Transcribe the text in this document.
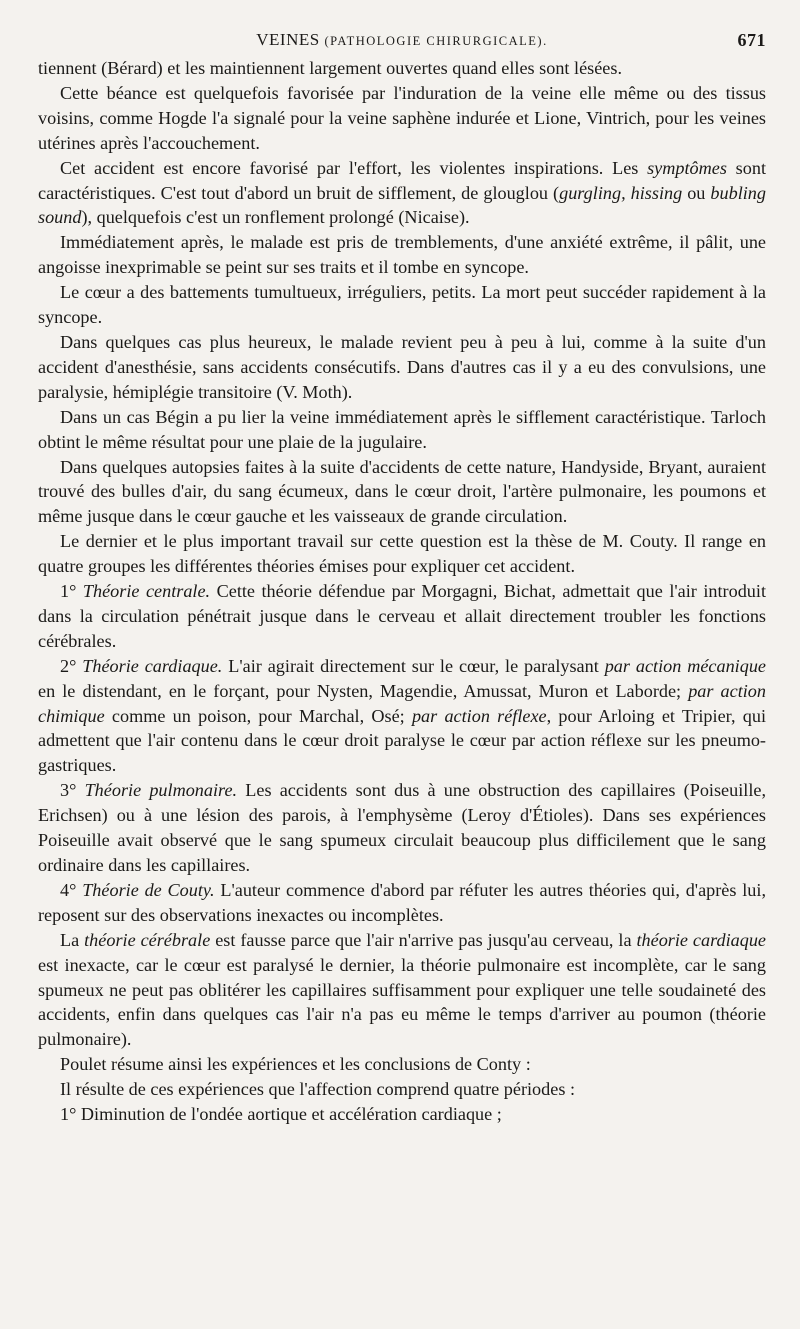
VEINES (PATHOLOGIE CHIRURGICALE).	671

tiennent (Bérard) et les maintiennent largement ouvertes quand elles sont lésées.

Cette béance est quelquefois favorisée par l'induration de la veine elle même ou des tissus voisins, comme Hogde l'a signalé pour la veine saphène indurée et Lione, Vintrich, pour les veines utérines après l'accouchement.

Cet accident est encore favorisé par l'effort, les violentes inspirations. Les symptômes sont caractéristiques. C'est tout d'abord un bruit de sifflement, de glouglou (gurgling, hissing ou bubling sound), quelquefois c'est un ronflement prolongé (Nicaise).

Immédiatement après, le malade est pris de tremblements, d'une anxiété extrême, il pâlit, une angoisse inexprimable se peint sur ses traits et il tombe en syncope.

Le cœur a des battements tumultueux, irréguliers, petits. La mort peut succéder rapidement à la syncope.

Dans quelques cas plus heureux, le malade revient peu à peu à lui, comme à la suite d'un accident d'anesthésie, sans accidents consécutifs. Dans d'autres cas il y a eu des convulsions, une paralysie, hémiplégie transitoire (V. Moth).

Dans un cas Bégin a pu lier la veine immédiatement après le sifflement caractéristique. Tarloch obtint le même résultat pour une plaie de la jugulaire.

Dans quelques autopsies faites à la suite d'accidents de cette nature, Handyside, Bryant, auraient trouvé des bulles d'air, du sang écumeux, dans le cœur droit, l'artère pulmonaire, les poumons et même jusque dans le cœur gauche et les vaisseaux de grande circulation.

Le dernier et le plus important travail sur cette question est la thèse de M. Couty. Il range en quatre groupes les différentes théories émises pour expliquer cet accident.

1° Théorie centrale. Cette théorie défendue par Morgagni, Bichat, admettait que l'air introduit dans la circulation pénétrait jusque dans le cerveau et allait directement troubler les fonctions cérébrales.

2° Théorie cardiaque. L'air agirait directement sur le cœur, le paralysant par action mécanique en le distendant, en le forçant, pour Nysten, Magendie, Amussat, Muron et Laborde; par action chimique comme un poison, pour Marchal, Osé; par action réflexe, pour Arloing et Tripier, qui admettent que l'air contenu dans le cœur droit paralyse le cœur par action réflexe sur les pneumo-gastriques.

3° Théorie pulmonaire. Les accidents sont dus à une obstruction des capillaires (Poiseuille, Erichsen) ou à une lésion des parois, à l'emphysème (Leroy d'Étioles). Dans ses expériences Poiseuille avait observé que le sang spumeux circulait beaucoup plus difficilement que le sang ordinaire dans les capillaires.

4° Théorie de Couty. L'auteur commence d'abord par réfuter les autres théories qui, d'après lui, reposent sur des observations inexactes ou incomplètes.

La théorie cérébrale est fausse parce que l'air n'arrive pas jusqu'au cerveau, la théorie cardiaque est inexacte, car le cœur est paralysé le dernier, la théorie pulmonaire est incomplète, car le sang spumeux ne peut pas oblitérer les capillaires suffisamment pour expliquer une telle soudaineté des accidents, enfin dans quelques cas l'air n'a pas eu même le temps d'arriver au poumon (théorie pulmonaire).

Poulet résume ainsi les expériences et les conclusions de Conty :

Il résulte de ces expériences que l'affection comprend quatre périodes :

1° Diminution de l'ondée aortique et accélération cardiaque ;
